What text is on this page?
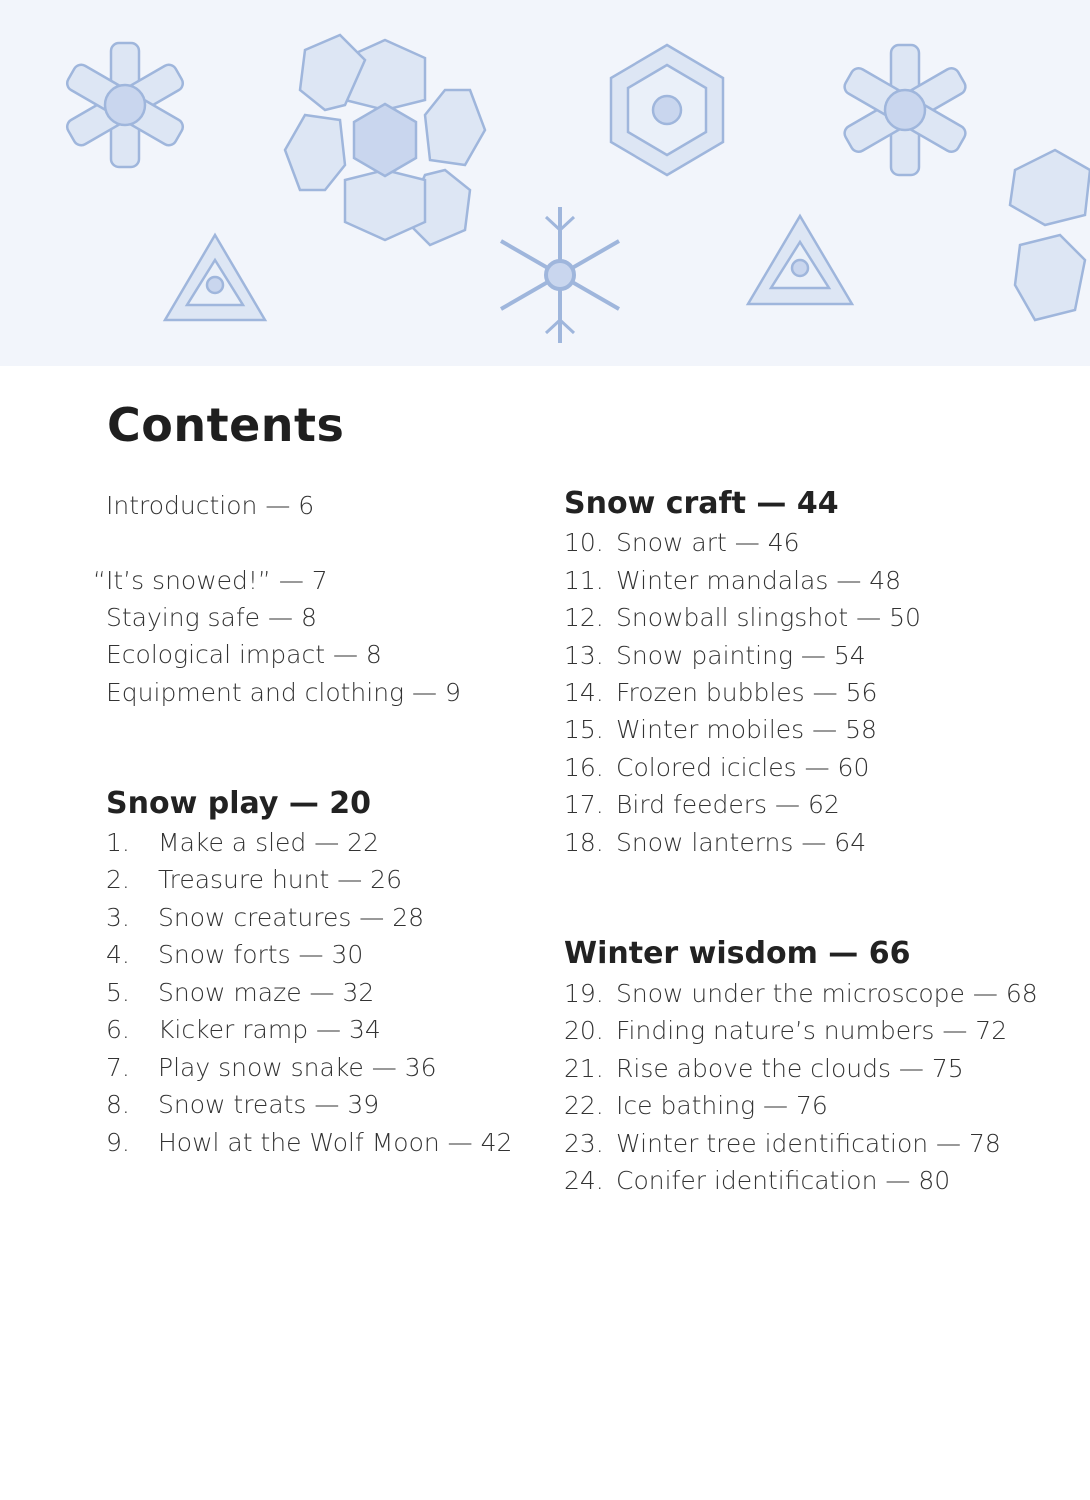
Contents
Introduction — 6
“It’s snowed!” — 7
Staying safe — 8
Ecological impact — 8
Equipment and clothing — 9
Snow play — 20
1. Make a sled — 22
2. Treasure hunt — 26
3. Snow creatures — 28
4. Snow forts — 30
5. Snow maze — 32
6. Kicker ramp — 34
7. Play snow snake — 36
8. Snow treats — 39
9. Howl at the Wolf Moon — 42
Snow craft — 44
10. Snow art — 46
11. Winter mandalas — 48
12. Snowball slingshot — 50
13. Snow painting — 54
14. Frozen bubbles — 56
15. Winter mobiles — 58
16. Colored icicles — 60
17. Bird feeders — 62
18. Snow lanterns — 64
Winter wisdom — 66
19. Snow under the microscope — 68
20. Finding nature’s numbers — 72
21. Rise above the clouds — 75
22. Ice bathing — 76
23. Winter tree identification — 78
24. Conifer identification — 80
